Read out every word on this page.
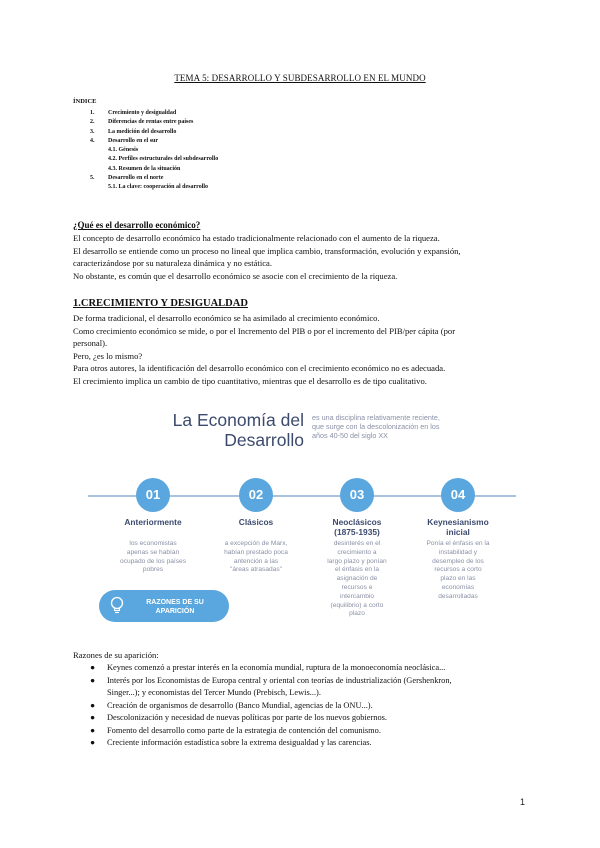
TEMA 5: DESARROLLO Y SUBDESARROLLO EN EL MUNDO
ÍNDICE
1.	Crecimiento y desigualdad
2.	Diferencias de rentas entre países
3.	La medición del desarrollo
4.	Desarrollo en el sur
4.1. Génesis
4.2. Perfiles estructurales del subdesarrollo
4.3. Resumen de la situación
5.	Desarrollo en el norte
5.1. La clave: cooperación al desarrollo
¿Qué es el desarrollo económico?
El concepto de desarrollo económico ha estado tradicionalmente relacionado con el aumento de la riqueza.
El desarrollo se entiende como un proceso no lineal que implica cambio, transformación, evolución y expansión,
caracterizándose por su naturaleza dinámica y no estática.
No obstante, es común que el desarrollo económico se asocie con el crecimiento de la riqueza.
1.CRECIMIENTO Y DESIGUALDAD
De forma tradicional, el desarrollo económico se ha asimilado al crecimiento económico.
Como crecimiento económico se mide, o por el Incremento del PIB o por el incremento del PIB/per cápita (por
personal).
Pero, ¿es lo mismo?
Para otros autores, la identificación del desarrollo económico con el crecimiento económico no es adecuada.
El crecimiento implica un cambio de tipo cuantitativo, mientras que el desarrollo es de tipo cualitativo.
La Economía del
Desarrollo
es una disciplina relativamente reciente,
que surge con la descolonización en los
años 40-50 del siglo XX
01
Anteriormente
los economistas
apenas se habían
ocupado de los países
pobres
02
Clásicos
a excepción de Marx,
habían prestado poca
antención a las
"áreas atrasadas"
03
Neoclásicos
(1875-1935)
desinterés en el
crecimiento a
largo plazo y ponían
el énfasis en la
asignación de
recursos e
intercambio
(equilibrio) a corto
plazo
04
Keynesianismo
inicial
Ponía el énfasis en la
instabilidad y
desempleo de los
recursos a corto
plazo en las
economías
desarrolladas
RAZONES DE SU
APARICIÓN
Razones de su aparición:
● Keynes comenzó a prestar interés en la economía mundial, ruptura de la monoeconomía neoclásica...
● Interés por los Economistas de Europa central y oriental con teorías de industrialización (Gershenkron,
Singer...); y economistas del Tercer Mundo (Prebisch, Lewis...).
● Creación de organismos de desarrollo (Banco Mundial, agencias de la ONU...).
● Descolonización y necesidad de nuevas políticas por parte de los nuevos gobiernos.
● Fomento del desarrollo como parte de la estrategia de contención del comunismo.
● Creciente información estadística sobre la extrema desigualdad y las carencias.
1
